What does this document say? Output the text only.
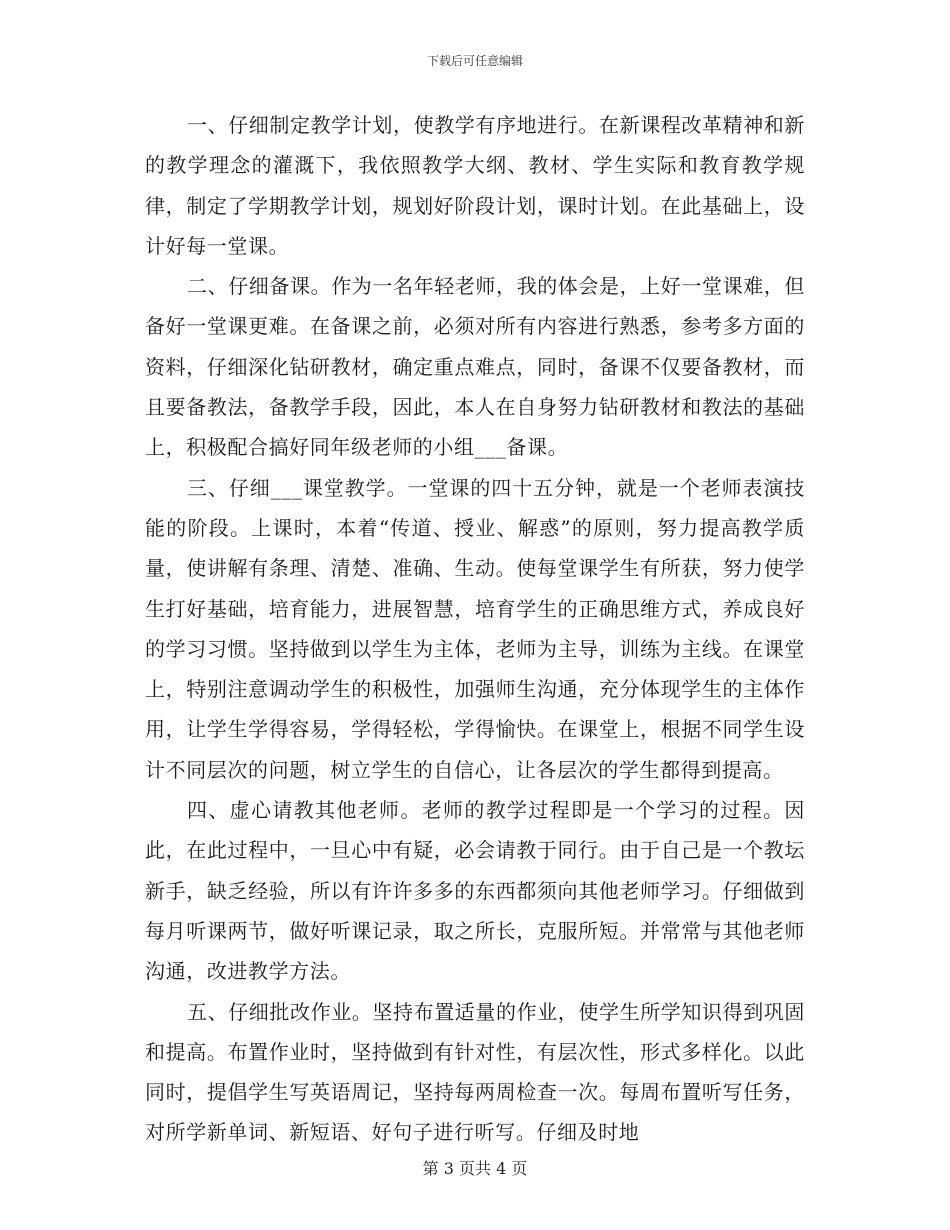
下载后可任意编辑

一、仔细制定教学计划，使教学有序地进行。在新课程改革精神和新的教学理念的灌溉下，我依照教学大纲、教材、学生实际和教育教学规律，制定了学期教学计划，规划好阶段计划，课时计划。在此基础上，设计好每一堂课。

二、仔细备课。作为一名年轻老师，我的体会是，上好一堂课难，但备好一堂课更难。在备课之前，必须对所有内容进行熟悉，参考多方面的资料，仔细深化钻研教材，确定重点难点，同时，备课不仅要备教材，而且要备教法，备教学手段，因此，本人在自身努力钻研教材和教法的基础上，积极配合搞好同年级老师的小组___备课。

三、仔细___课堂教学。一堂课的四十五分钟，就是一个老师表演技能的阶段。上课时，本着“传道、授业、解惑”的原则，努力提高教学质量，使讲解有条理、清楚、准确、生动。使每堂课学生有所获，努力使学生打好基础，培育能力，进展智慧，培育学生的正确思维方式，养成良好的学习习惯。坚持做到以学生为主体，老师为主导，训练为主线。在课堂上，特别注意调动学生的积极性，加强师生沟通，充分体现学生的主体作用，让学生学得容易，学得轻松，学得愉快。在课堂上，根据不同学生设计不同层次的问题，树立学生的自信心，让各层次的学生都得到提高。

四、虚心请教其他老师。老师的教学过程即是一个学习的过程。因此，在此过程中，一旦心中有疑，必会请教于同行。由于自己是一个教坛新手，缺乏经验，所以有许许多多的东西都须向其他老师学习。仔细做到每月听课两节，做好听课记录，取之所长，克服所短。并常常与其他老师沟通，改进教学方法。

五、仔细批改作业。坚持布置适量的作业，使学生所学知识得到巩固和提高。布置作业时，坚持做到有针对性，有层次性，形式多样化。以此同时，提倡学生写英语周记，坚持每两周检查一次。每周布置听写任务，对所学新单词、新短语、好句子进行听写。仔细及时地

第 3 页共 4 页
